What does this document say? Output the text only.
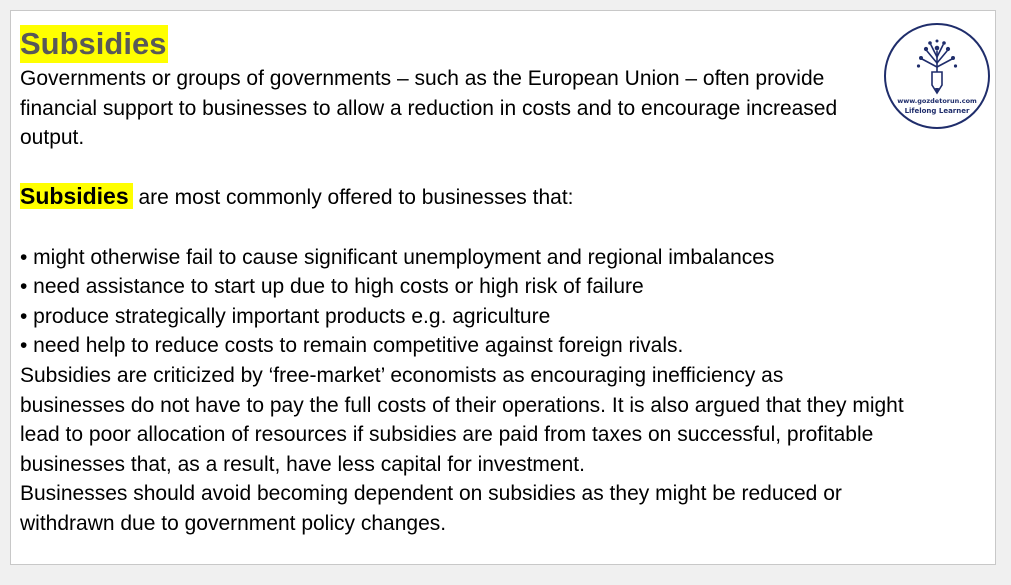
Subsidies

Governments or groups of governments – such as the European Union – often provide financial support to businesses to allow a reduction in costs and to encourage increased output.

Subsidies are most commonly offered to businesses that:

• might otherwise fail to cause significant unemployment and regional imbalances

• need assistance to start up due to high costs or high risk of failure

• produce strategically important products e.g. agriculture

• need help to reduce costs to remain competitive against foreign rivals.

Subsidies are criticized by ‘free-market’ economists as encouraging inefficiency as

businesses do not have to pay the full costs of their operations. It is also argued that they might

lead to poor allocation of resources if subsidies are paid from taxes on successful, profitable

businesses that, as a result, have less capital for investment.

Businesses should avoid becoming dependent on subsidies as they might be reduced or

withdrawn due to government policy changes.

www.gozdetorun.com
Lifelong Learner
